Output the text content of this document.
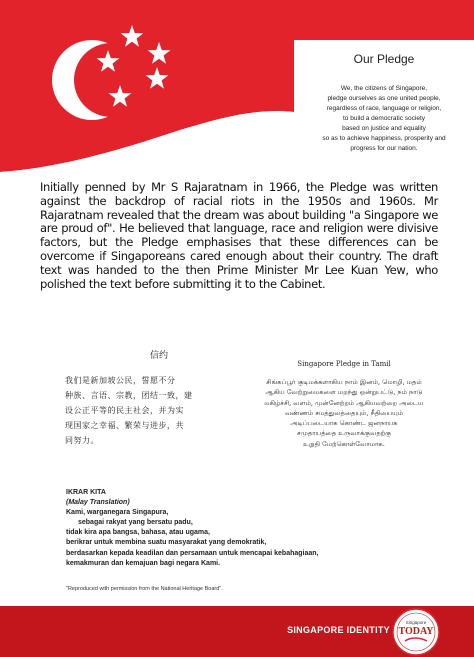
Our Pledge
We, the citizens of Singapore,
pledge ourselves as one united people,
regardless of race, language or religion,
to build a democratic society
based on justice and equality
so as to achieve happiness, prosperity and
progress for our nation.
Initially penned by Mr S Rajaratnam in 1966, the Pledge was written against the backdrop of racial riots in the 1950s and 1960s. Mr Rajaratnam revealed that the dream was about building "a Singapore we are proud of". He believed that language, race and religion were divisive factors, but the Pledge emphasises that these differences can be overcome if Singaporeans cared enough about their country. The draft text was handed to the then Prime Minister Mr Lee Kuan Yew, who polished the text before submitting it to the Cabinet.
信约
我们是新加坡公民，誓愿不分
种族、言语、宗教，团结一致，建
设公正平等的民主社会，并为实
现国家之幸福、繁荣与进步，共
同努力。
Singapore Pledge in Tamil
சிங்கப்பூர் குடிமக்களாகிய நாம் இனம், மொழி, மதம்
ஆகிய வேற்றுமைகளை மறந்து ஒன்றுபட்டு, நம் நாடு
மகிழ்ச்சி, வளம், முன்னேற்றம் ஆகியவற்றை அடைய
வண்ணம் சமத்துவத்தையும், நீதியையும்
அடிப்படையாக கொண்ட ஜனநாயக
சமுதாயத்தை உருவாக்குவதற்கு
உறுதி மேற்கொள்வோமாக.
IKRAR KITA
(Malay Translation)
Kami, warganegara Singapura,
sebagai rakyat yang bersatu padu,
tidak kira apa bangsa, bahasa, atau ugama,
berikrar untuk membina suatu masyarakat yang demokratik,
berdasarkan kepada keadilan dan persamaan untuk mencapai kebahagiaan,
kemakmuran dan kemajuan bagi negara Kami.
"Reproduced with permission from the National Heritage Board".
SINGAPORE IDENTITY
Singapore
TODAY
